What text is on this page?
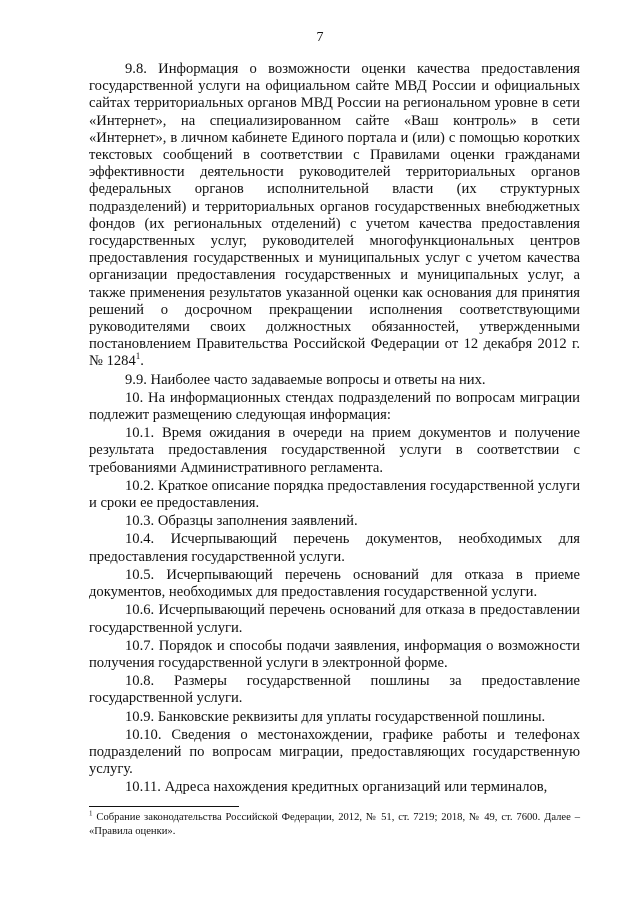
7

9.8. Информация о возможности оценки качества предоставления государственной услуги на официальном сайте МВД России и официальных сайтах территориальных органов МВД России на региональном уровне в сети «Интернет», на специализированном сайте «Ваш контроль» в сети «Интернет», в личном кабинете Единого портала и (или) с помощью коротких текстовых сообщений в соответствии с Правилами оценки гражданами эффективности деятельности руководителей территориальных органов федеральных органов исполнительной власти (их структурных подразделений) и территориальных органов государственных внебюджетных фондов (их региональных отделений) с учетом качества предоставления государственных услуг, руководителей многофункциональных центров предоставления государственных и муниципальных услуг с учетом качества организации предоставления государственных и муниципальных услуг, а также применения результатов указанной оценки как основания для принятия решений о досрочном прекращении исполнения соответствующими руководителями своих должностных обязанностей, утвержденными постановлением Правительства Российской Федерации от 12 декабря 2012 г. № 1284$^1$.

9.9. Наиболее часто задаваемые вопросы и ответы на них.

10. На информационных стендах подразделений по вопросам миграции подлежит размещению следующая информация:

10.1. Время ожидания в очереди на прием документов и получение результата предоставления государственной услуги в соответствии с требованиями Административного регламента.

10.2. Краткое описание порядка предоставления государственной услуги и сроки ее предоставления.

10.3. Образцы заполнения заявлений.

10.4. Исчерпывающий перечень документов, необходимых для предоставления государственной услуги.

10.5. Исчерпывающий перечень оснований для отказа в приеме документов, необходимых для предоставления государственной услуги.

10.6. Исчерпывающий перечень оснований для отказа в предоставлении государственной услуги.

10.7. Порядок и способы подачи заявления, информация о возможности получения государственной услуги в электронной форме.

10.8. Размеры государственной пошлины за предоставление государственной услуги.

10.9. Банковские реквизиты для уплаты государственной пошлины.

10.10. Сведения о местонахождении, графике работы и телефонах подразделений по вопросам миграции, предоставляющих государственную услугу.

10.11. Адреса нахождения кредитных организаций или терминалов,

$^1$ Собрание законодательства Российской Федерации, 2012, № 51, ст. 7219; 2018, № 49, ст. 7600. Далее – «Правила оценки».
